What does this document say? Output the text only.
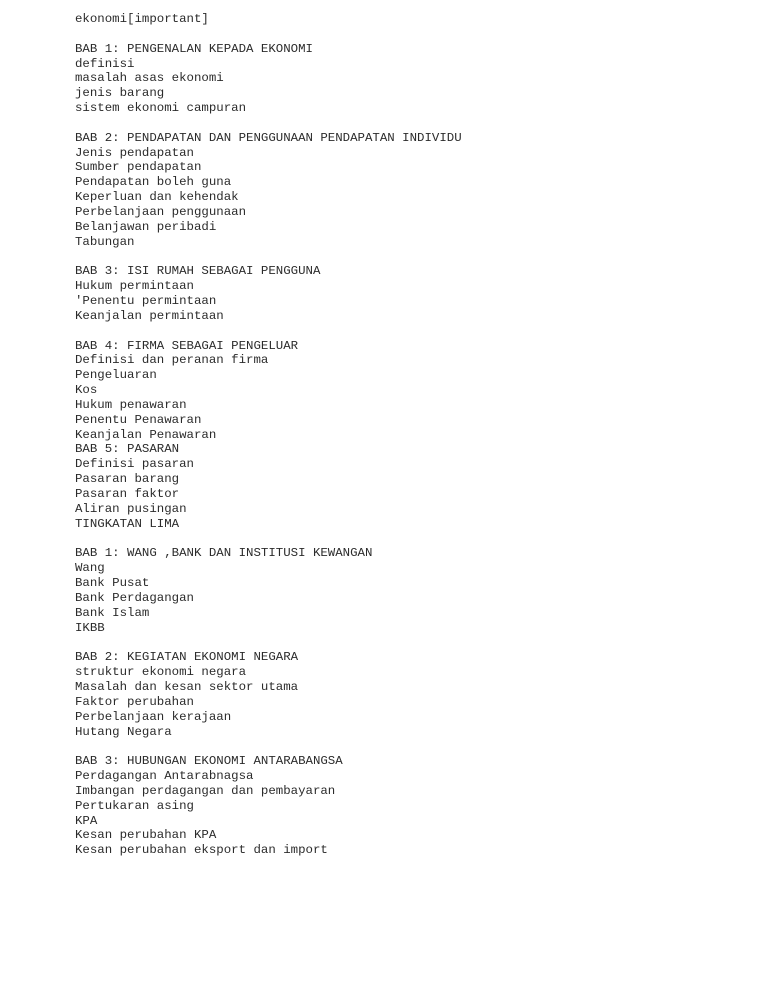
ekonomi[important]
BAB 1: PENGENALAN KEPADA EKONOMI
definisi
masalah asas ekonomi
jenis barang
sistem ekonomi campuran
BAB 2: PENDAPATAN DAN PENGGUNAAN PENDAPATAN INDIVIDU
Jenis pendapatan
Sumber pendapatan
Pendapatan boleh guna
Keperluan dan kehendak
Perbelanjaan penggunaan
Belanjawan peribadi
Tabungan
BAB 3: ISI RUMAH SEBAGAI PENGGUNA
Hukum permintaan
'Penentu permintaan
Keanjalan permintaan
BAB 4: FIRMA SEBAGAI PENGELUAR
Definisi dan peranan firma
Pengeluaran
Kos
Hukum penawaran
Penentu Penawaran
Keanjalan Penawaran
BAB 5: PASARAN
Definisi pasaran
Pasaran barang
Pasaran faktor
Aliran pusingan
TINGKATAN LIMA
BAB 1: WANG ,BANK DAN INSTITUSI KEWANGAN
Wang
Bank Pusat
Bank Perdagangan
Bank Islam
IKBB
BAB 2: KEGIATAN EKONOMI NEGARA
struktur ekonomi negara
Masalah dan kesan sektor utama
Faktor perubahan
Perbelanjaan kerajaan
Hutang Negara
BAB 3: HUBUNGAN EKONOMI ANTARABANGSA
Perdagangan Antarabnagsa
Imbangan perdagangan dan pembayaran
Pertukaran asing
KPA
Kesan perubahan KPA
Kesan perubahan eksport dan import
